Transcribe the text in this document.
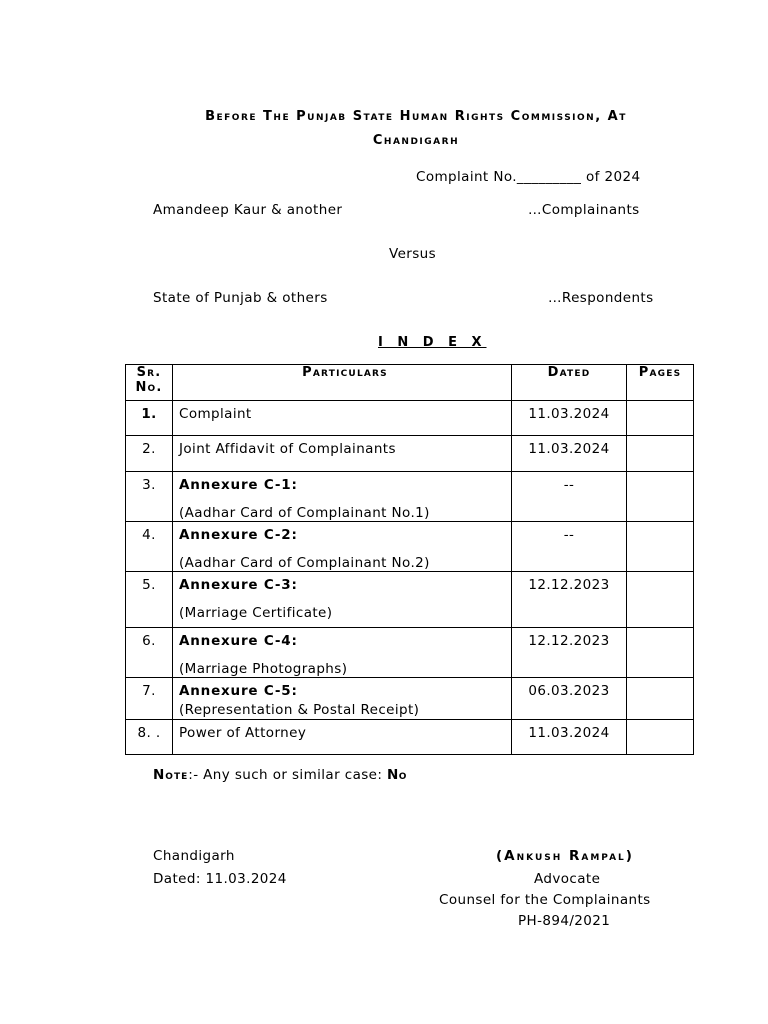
Before The Punjab State Human Rights Commission, At
Chandigarh
Complaint No._________ of 2024
Amandeep Kaur & another	…Complainants
Versus
State of Punjab & others	…Respondents
I N D E X
Sr.
No.	Particulars	Dated	Pages

1.	Complaint	11.03.2024	

2.	Joint Affidavit of Complainants	11.03.2024	

3.	Annexure C-1:
(Aadhar Card of Complainant No.1)	--	

4.	Annexure C-2:
(Aadhar Card of Complainant No.2)	--	

5.	Annexure C-3:
(Marriage Certificate)	12.12.2023	

6.	Annexure C-4:
(Marriage Photographs)	12.12.2023	

7.	Annexure C-5:
(Representation & Postal Receipt)	06.03.2023	

8. .	Power of Attorney	11.03.2024	

Note:- Any such or similar case: No
Chandigarh
Dated: 11.03.2024
(Ankush Rampal)
Advocate
Counsel for the Complainants
PH-894/2021
